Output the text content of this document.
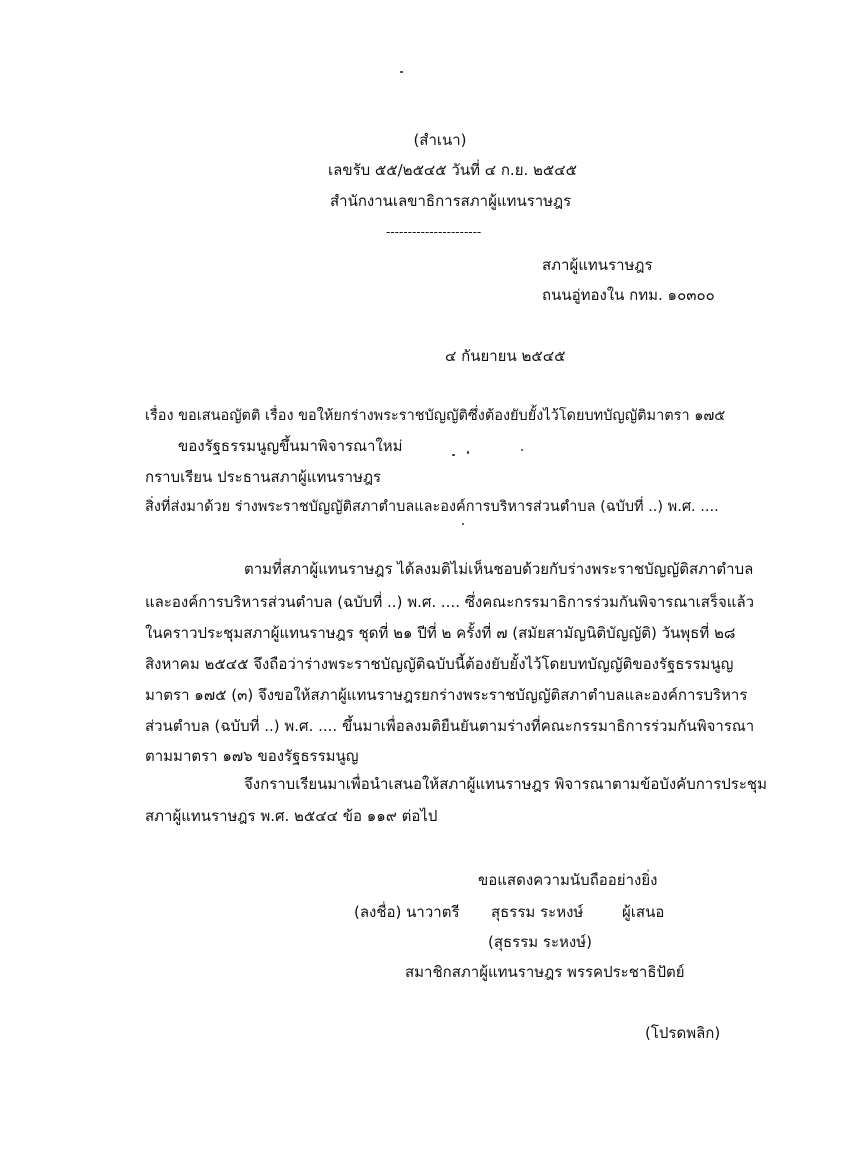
(สำเนา)
เลขรับ ๕๕/๒๕๔๕ วันที่ ๔ ก.ย. ๒๕๔๕
สำนักงานเลขาธิการสภาผู้แทนราษฎร
----------------------
สภาผู้แทนราษฎร
ถนนอู่ทองใน กทม. ๑๐๓๐๐
๔ กันยายน ๒๕๔๕
เรื่อง ขอเสนอญัตติ เรื่อง ขอให้ยกร่างพระราชบัญญัติซึ่งต้องยับยั้งไว้โดยบทบัญญัติมาตรา ๑๗๕
ของรัฐธรรมนูญขึ้นมาพิจารณาใหม่
กราบเรียน ประธานสภาผู้แทนราษฎร
สิ่งที่ส่งมาด้วย ร่างพระราชบัญญัติสภาตำบลและองค์การบริหารส่วนตำบล (ฉบับที่ ..) พ.ศ. ....
ตามที่สภาผู้แทนราษฎร ได้ลงมติไม่เห็นชอบด้วยกับร่างพระราชบัญญัติสภาตำบล
และองค์การบริหารส่วนตำบล (ฉบับที่ ..) พ.ศ. .... ซึ่งคณะกรรมาธิการร่วมกันพิจารณาเสร็จแล้ว
ในคราวประชุมสภาผู้แทนราษฎร ชุดที่ ๒๑ ปีที่ ๒ ครั้งที่ ๗ (สมัยสามัญนิติบัญญัติ) วันพุธที่ ๒๘
สิงหาคม ๒๕๔๕ จึงถือว่าร่างพระราชบัญญัติฉบับนี้ต้องยับยั้งไว้โดยบทบัญญัติของรัฐธรรมนูญ
มาตรา ๑๗๕ (๓) จึงขอให้สภาผู้แทนราษฎรยกร่างพระราชบัญญัติสภาตำบลและองค์การบริหาร
ส่วนตำบล (ฉบับที่ ..) พ.ศ. .... ขึ้นมาเพื่อลงมติยืนยันตามร่างที่คณะกรรมาธิการร่วมกันพิจารณา
ตามมาตรา ๑๗๖ ของรัฐธรรมนูญ
จึงกราบเรียนมาเพื่อนำเสนอให้สภาผู้แทนราษฎร พิจารณาตามข้อบังคับการประชุม
สภาผู้แทนราษฎร พ.ศ. ๒๕๔๔ ข้อ ๑๑๙ ต่อไป
ขอแสดงความนับถืออย่างยิ่ง
(ลงชื่อ) นาวาตรี สุธรรม ระหงษ์	ผู้เสนอ
(สุธรรม ระหงษ์)
สมาชิกสภาผู้แทนราษฎร พรรคประชาธิปัตย์
(โปรดพลิก)
